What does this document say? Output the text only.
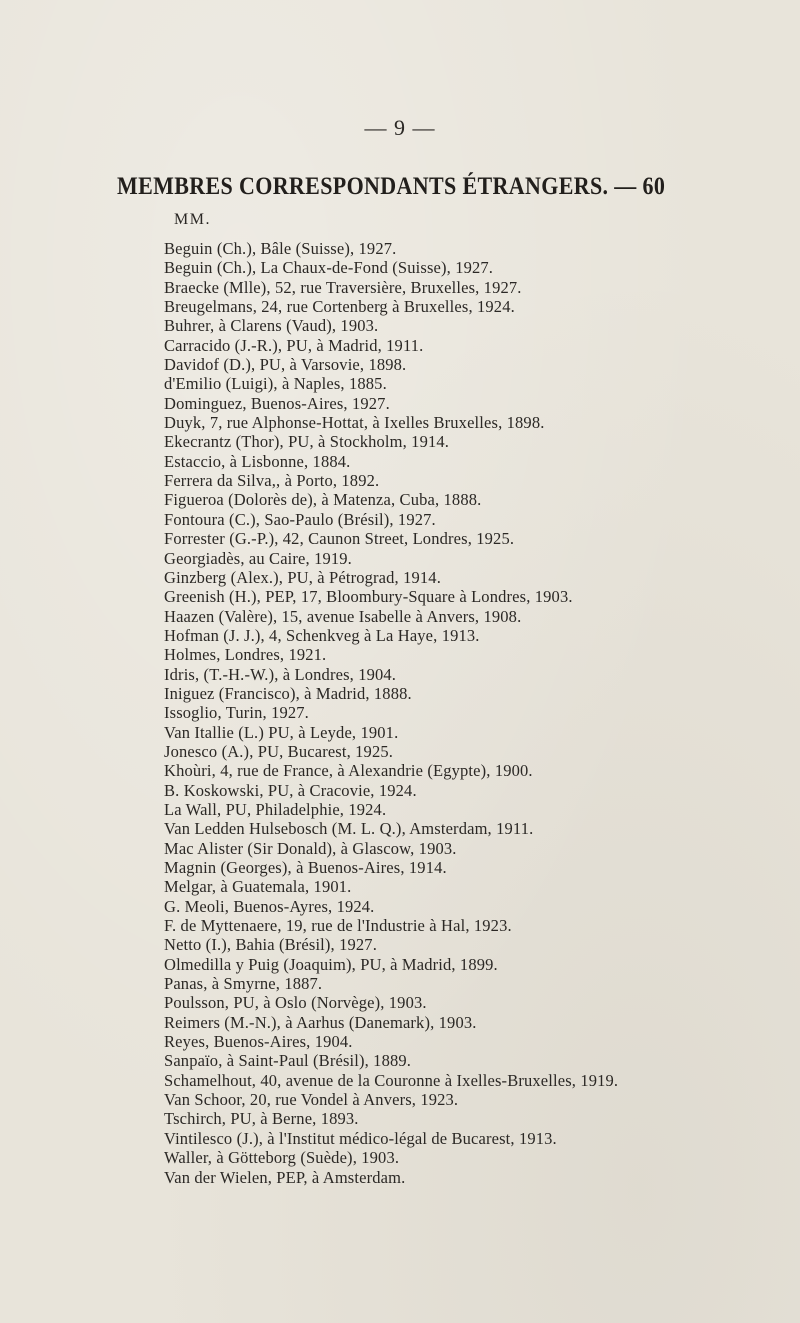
— 9 —
MEMBRES CORRESPONDANTS ÉTRANGERS. — 60
MM.
Beguin (Ch.), Bâle (Suisse), 1927.
Beguin (Ch.), La Chaux-de-Fond (Suisse), 1927.
Braecke (Mlle), 52, rue Traversière, Bruxelles, 1927.
Breugelmans, 24, rue Cortenberg à Bruxelles, 1924.
Buhrer, à Clarens (Vaud), 1903.
Carracido (J.-R.), PU, à Madrid, 1911.
Davidof (D.), PU, à Varsovie, 1898.
d'Emilio (Luigi), à Naples, 1885.
Dominguez, Buenos-Aires, 1927.
Duyk, 7, rue Alphonse-Hottat, à Ixelles Bruxelles, 1898.
Ekecrantz (Thor), PU, à Stockholm, 1914.
Estaccio, à Lisbonne, 1884.
Ferrera da Silva,, à Porto, 1892.
Figueroa (Dolorès de), à Matenza, Cuba, 1888.
Fontoura (C.), Sao-Paulo (Brésil), 1927.
Forrester (G.-P.), 42, Caunon Street, Londres, 1925.
Georgiadès, au Caire, 1919.
Ginzberg (Alex.), PU, à Pétrograd, 1914.
Greenish (H.), PEP, 17, Bloombury-Square à Londres, 1903.
Haazen (Valère), 15, avenue Isabelle à Anvers, 1908.
Hofman (J. J.), 4, Schenkveg à La Haye, 1913.
Holmes, Londres, 1921.
Idris, (T.-H.-W.), à Londres, 1904.
Iniguez (Francisco), à Madrid, 1888.
Issoglio, Turin, 1927.
Van Itallie (L.) PU, à Leyde, 1901.
Jonesco (A.), PU, Bucarest, 1925.
Khoùri, 4, rue de France, à Alexandrie (Egypte), 1900.
B. Koskowski, PU, à Cracovie, 1924.
La Wall, PU, Philadelphie, 1924.
Van Ledden Hulsebosch (M. L. Q.), Amsterdam, 1911.
Mac Alister (Sir Donald), à Glascow, 1903.
Magnin (Georges), à Buenos-Aires, 1914.
Melgar, à Guatemala, 1901.
G. Meoli, Buenos-Ayres, 1924.
F. de Myttenaere, 19, rue de l'Industrie à Hal, 1923.
Netto (I.), Bahia (Brésil), 1927.
Olmedilla y Puig (Joaquim), PU, à Madrid, 1899.
Panas, à Smyrne, 1887.
Poulsson, PU, à Oslo (Norvège), 1903.
Reimers (M.-N.), à Aarhus (Danemark), 1903.
Reyes, Buenos-Aires, 1904.
Sanpaïo, à Saint-Paul (Brésil), 1889.
Schamelhout, 40, avenue de la Couronne à Ixelles-Bruxelles, 1919.
Van Schoor, 20, rue Vondel à Anvers, 1923.
Tschirch, PU, à Berne, 1893.
Vintilesco (J.), à l'Institut médico-légal de Bucarest, 1913.
Waller, à Götteborg (Suède), 1903.
Van der Wielen, PEP, à Amsterdam.
